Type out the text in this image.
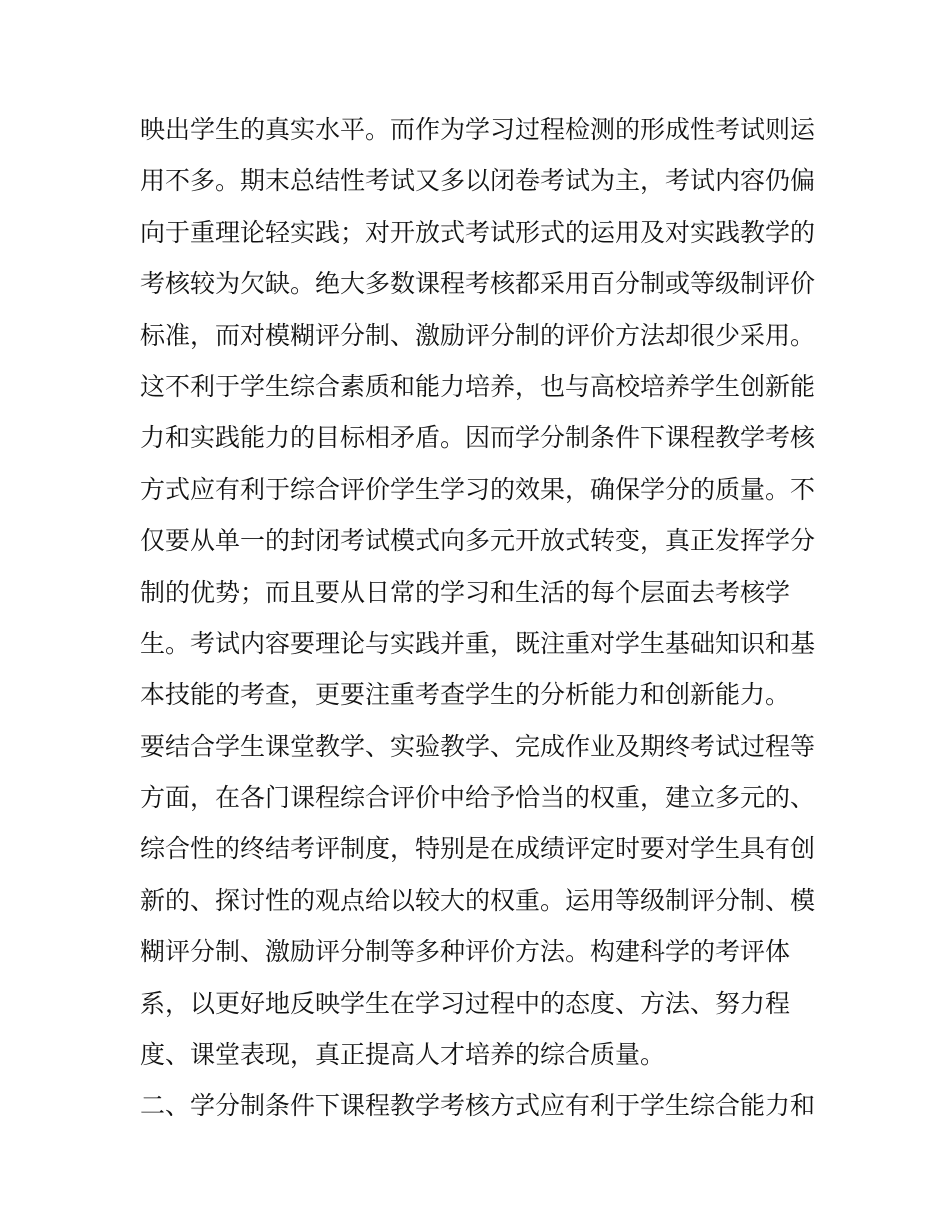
映出学生的真实水平。而作为学习过程检测的形成性考试则运

用不多。期末总结性考试又多以闭卷考试为主，考试内容仍偏

向于重理论轻实践；对开放式考试形式的运用及对实践教学的

考核较为欠缺。绝大多数课程考核都采用百分制或等级制评价

标准，而对模糊评分制、激励评分制的评价方法却很少采用。

这不利于学生综合素质和能力培养，也与高校培养学生创新能

力和实践能力的目标相矛盾。因而学分制条件下课程教学考核

方式应有利于综合评价学生学习的效果，确保学分的质量。不

仅要从单一的封闭考试模式向多元开放式转变，真正发挥学分

制的优势；而且要从日常的学习和生活的每个层面去考核学

生。考试内容要理论与实践并重，既注重对学生基础知识和基

本技能的考查，更要注重考查学生的分析能力和创新能力。

要结合学生课堂教学、实验教学、完成作业及期终考试过程等

方面，在各门课程综合评价中给予恰当的权重，建立多元的、

综合性的终结考评制度，特别是在成绩评定时要对学生具有创

新的、探讨性的观点给以较大的权重。运用等级制评分制、模

糊评分制、激励评分制等多种评价方法。构建科学的考评体

系，以更好地反映学生在学习过程中的态度、方法、努力程

度、课堂表现，真正提高人才培养的综合质量。

二、学分制条件下课程教学考核方式应有利于学生综合能力和
